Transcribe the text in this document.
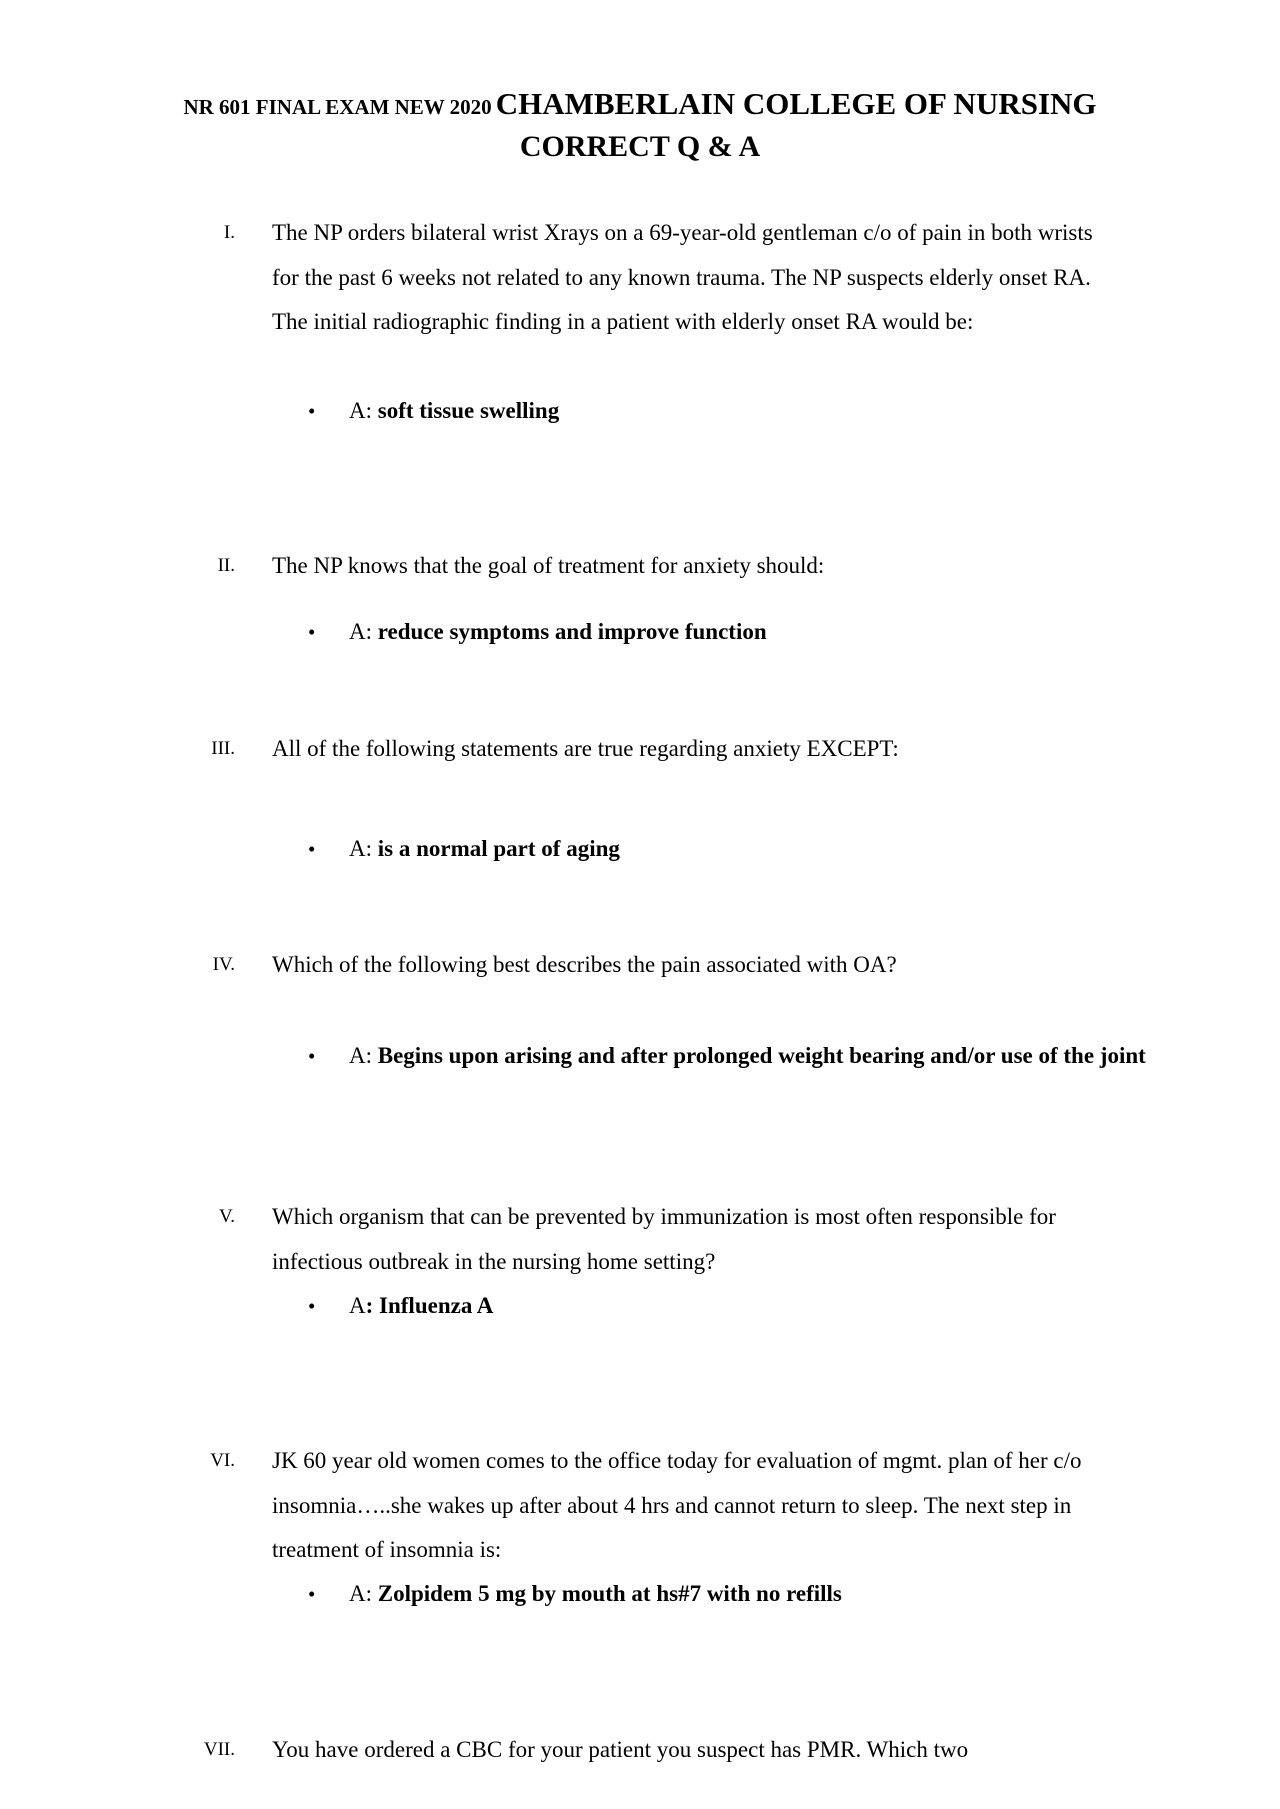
NR 601 FINAL EXAM NEW 2020 CHAMBERLAIN COLLEGE OF NURSING
CORRECT Q & A
I. The NP orders bilateral wrist Xrays on a 69-year-old gentleman c/o of pain in both wrists for the past 6 weeks not related to any known trauma. The NP suspects elderly onset RA. The initial radiographic finding in a patient with elderly onset RA would be:

• A: soft tissue swelling
II. The NP knows that the goal of treatment for anxiety should:

• A: reduce symptoms and improve function
III. All of the following statements are true regarding anxiety EXCEPT:

• A: is a normal part of aging
IV. Which of the following best describes the pain associated with OA?

• A: Begins upon arising and after prolonged weight bearing and/or use of the joint
V. Which organism that can be prevented by immunization is most often responsible for infectious outbreak in the nursing home setting?

• A: Influenza A
VI. JK 60 year old women comes to the office today for evaluation of mgmt. plan of her c/o insomnia…..she wakes up after about 4 hrs and cannot return to sleep. The next step in treatment of insomnia is:

• A: Zolpidem 5 mg by mouth at hs#7 with no refills
VII. You have ordered a CBC for your patient you suspect has PMR. Which two
